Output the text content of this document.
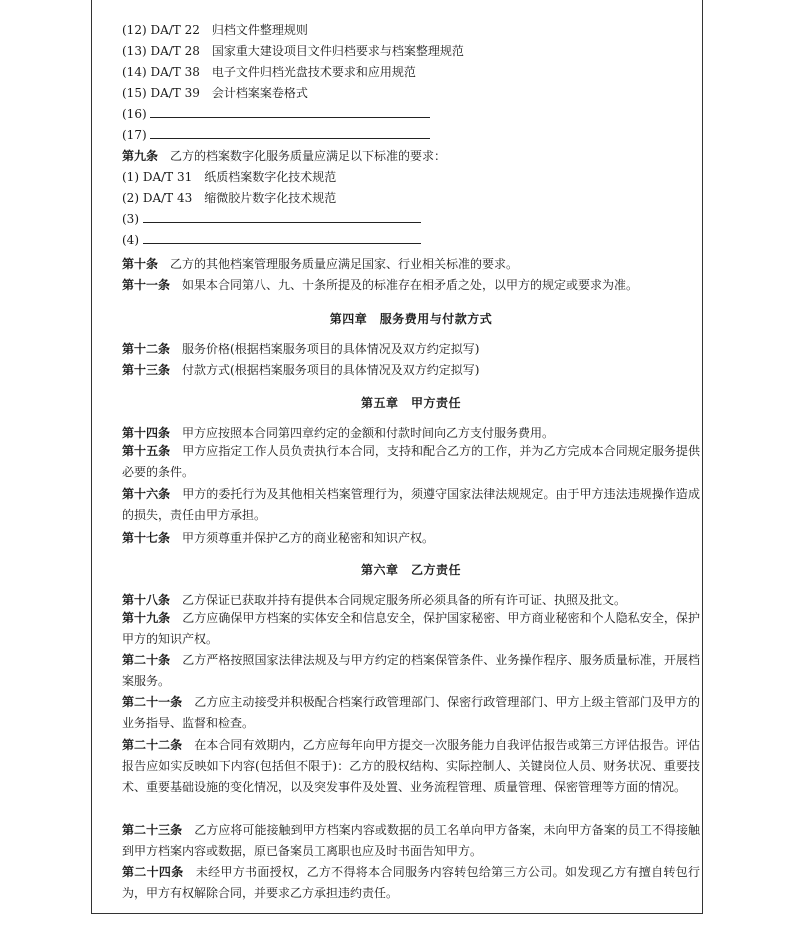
(12) DA/T 22 归档文件整理规则
(13) DA/T 28 国家重大建设项目文件归档要求与档案整理规范
(14) DA/T 38 电子文件归档光盘技术要求和应用规范
(15) DA/T 39 会计档案案卷格式
(16)
(17)
第九条 乙方的档案数字化服务质量应满足以下标准的要求：
(1) DA/T 31 纸质档案数字化技术规范
(2) DA/T 43 缩微胶片数字化技术规范
(3)
(4)
第十条 乙方的其他档案管理服务质量应满足国家、行业相关标准的要求。
第十一条 如果本合同第八、九、十条所提及的标准存在相矛盾之处，以甲方的规定或要求为准。
第四章　服务费用与付款方式
第十二条 服务价格(根据档案服务项目的具体情况及双方约定拟写)
第十三条 付款方式(根据档案服务项目的具体情况及双方约定拟写)
第五章　甲方责任
第十四条 甲方应按照本合同第四章约定的金额和付款时间向乙方支付服务费用。
第十五条 甲方应指定工作人员负责执行本合同，支持和配合乙方的工作，并为乙方完成本合同规定服务提供必要的条件。
第十六条 甲方的委托行为及其他相关档案管理行为，须遵守国家法律法规规定。由于甲方违法违规操作造成的损失，责任由甲方承担。
第十七条 甲方须尊重并保护乙方的商业秘密和知识产权。
第六章　乙方责任
第十八条 乙方保证已获取并持有提供本合同规定服务所必须具备的所有许可证、执照及批文。
第十九条 乙方应确保甲方档案的实体安全和信息安全，保护国家秘密、甲方商业秘密和个人隐私安全，保护甲方的知识产权。
第二十条 乙方严格按照国家法律法规及与甲方约定的档案保管条件、业务操作程序、服务质量标准，开展档案服务。
第二十一条 乙方应主动接受并积极配合档案行政管理部门、保密行政管理部门、甲方上级主管部门及甲方的业务指导、监督和检查。
第二十二条 在本合同有效期内，乙方应每年向甲方提交一次服务能力自我评估报告或第三方评估报告。评估报告应如实反映如下内容(包括但不限于)：乙方的股权结构、实际控制人、关键岗位人员、财务状况、重要技术、重要基础设施的变化情况，以及突发事件及处置、业务流程管理、质量管理、保密管理等方面的情况。
第二十三条 乙方应将可能接触到甲方档案内容或数据的员工名单向甲方备案，未向甲方备案的员工不得接触到甲方档案内容或数据，原已备案员工离职也应及时书面告知甲方。
第二十四条 未经甲方书面授权，乙方不得将本合同服务内容转包给第三方公司。如发现乙方有擅自转包行为，甲方有权解除合同，并要求乙方承担违约责任。
